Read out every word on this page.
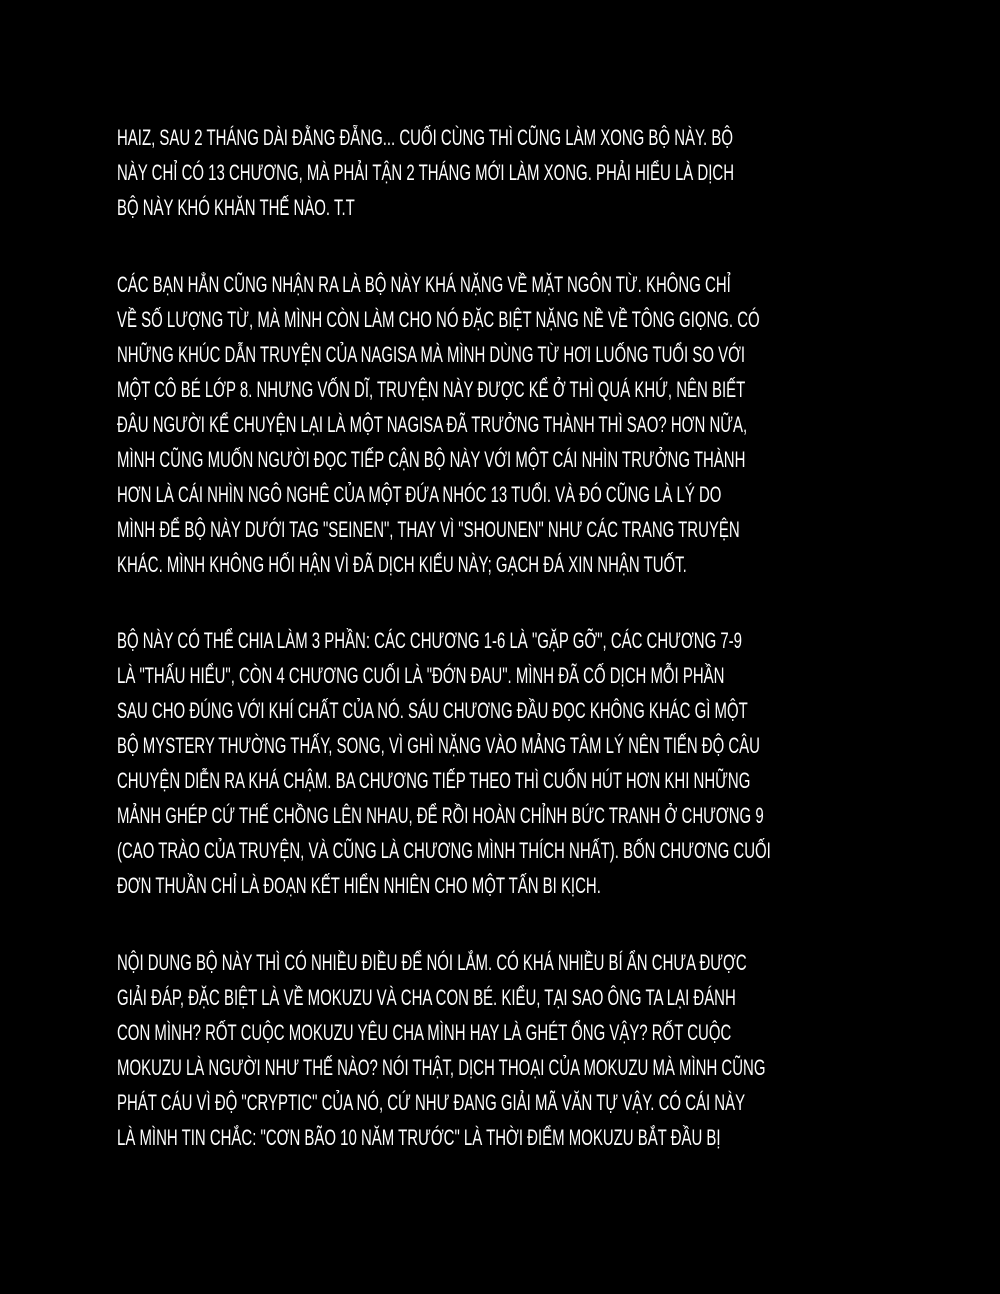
HAIZ, SAU 2 THÁNG DÀI ĐẰNG ĐẴNG... CUỐI CÙNG THÌ CŨNG LÀM XONG BỘ NÀY. BỘ
NÀY CHỈ CÓ 13 CHƯƠNG, MÀ PHẢI TẬN 2 THÁNG MỚI LÀM XONG. PHẢI HIỂU LÀ DỊCH
BỘ NÀY KHÓ KHĂN THẾ NÀO. T.T
CÁC BẠN HẲN CŨNG NHẬN RA LÀ BỘ NÀY KHÁ NẶNG VỀ MẶT NGÔN TỪ. KHÔNG CHỈ
VỀ SỐ LƯỢNG TỪ, MÀ MÌNH CÒN LÀM CHO NÓ ĐẶC BIỆT NẶNG NỀ VỀ TÔNG GIỌNG. CÓ
NHỮNG KHÚC DẪN TRUYỆN CỦA NAGISA MÀ MÌNH DÙNG TỪ HƠI LUỐNG TUỔI SO VỚI
MỘT CÔ BÉ LỚP 8. NHƯNG VỐN DĨ, TRUYỆN NÀY ĐƯỢC KỂ Ở THÌ QUÁ KHỨ, NÊN BIẾT
ĐÂU NGƯỜI KỂ CHUYỆN LẠI LÀ MỘT NAGISA ĐÃ TRƯỞNG THÀNH THÌ SAO? HƠN NỮA,
MÌNH CŨNG MUỐN NGƯỜI ĐỌC TIẾP CẬN BỘ NÀY VỚI MỘT CÁI NHÌN TRƯỞNG THÀNH
HƠN LÀ CÁI NHÌN NGÔ NGHÊ CỦA MỘT ĐỨA NHÓC 13 TUỔI. VÀ ĐÓ CŨNG LÀ LÝ DO
MÌNH ĐỂ BỘ NÀY DƯỚI TAG "SEINEN", THAY VÌ "SHOUNEN" NHƯ CÁC TRANG TRUYỆN
KHÁC. MÌNH KHÔNG HỐI HẬN VÌ ĐÃ DỊCH KIỂU NÀY; GẠCH ĐÁ XIN NHẬN TUỐT.
BỘ NÀY CÓ THỂ CHIA LÀM 3 PHẦN: CÁC CHƯƠNG 1-6 LÀ "GẶP GỠ", CÁC CHƯƠNG 7-9
LÀ "THẤU HIỂU", CÒN 4 CHƯƠNG CUỐI LÀ "ĐỚN ĐAU". MÌNH ĐÃ CỐ DỊCH MỖI PHẦN
SAU CHO ĐÚNG VỚI KHÍ CHẤT CỦA NÓ. SÁU CHƯƠNG ĐẦU ĐỌC KHÔNG KHÁC GÌ MỘT
BỘ MYSTERY THƯỜNG THẤY, SONG, VÌ GHÌ NẶNG VÀO MẢNG TÂM LÝ NÊN TIẾN ĐỘ CÂU
CHUYỆN DIỄN RA KHÁ CHẬM. BA CHƯƠNG TIẾP THEO THÌ CUỐN HÚT HƠN KHI NHỮNG
MẢNH GHÉP CỨ THẾ CHỒNG LÊN NHAU, ĐỂ RỒI HOÀN CHỈNH BỨC TRANH Ở CHƯƠNG 9
(CAO TRÀO CỦA TRUYỆN, VÀ CŨNG LÀ CHƯƠNG MÌNH THÍCH NHẤT). BỐN CHƯƠNG CUỐI
ĐƠN THUẦN CHỈ LÀ ĐOẠN KẾT HIỂN NHIÊN CHO MỘT TẤN BI KỊCH.
NỘI DUNG BỘ NÀY THÌ CÓ NHIỀU ĐIỀU ĐỂ NÓI LẮM. CÓ KHÁ NHIỀU BÍ ẨN CHƯA ĐƯỢC
GIẢI ĐÁP, ĐẶC BIỆT LÀ VỀ MOKUZU VÀ CHA CON BÉ. KIỂU, TẠI SAO ÔNG TA LẠI ĐÁNH
CON MÌNH? RỐT CUỘC MOKUZU YÊU CHA MÌNH HAY LÀ GHÉT ỔNG VẬY? RỐT CUỘC
MOKUZU LÀ NGƯỜI NHƯ THẾ NÀO? NÓI THẬT, DỊCH THOẠI CỦA MOKUZU MÀ MÌNH CŨNG
PHÁT CÁU VÌ ĐỘ "CRYPTIC" CỦA NÓ, CỨ NHƯ ĐANG GIẢI MÃ VĂN TỰ VẬY. CÓ CÁI NÀY
LÀ MÌNH TIN CHẮC: "CƠN BÃO 10 NĂM TRƯỚC" LÀ THỜI ĐIỂM MOKUZU BẮT ĐẦU BỊ
